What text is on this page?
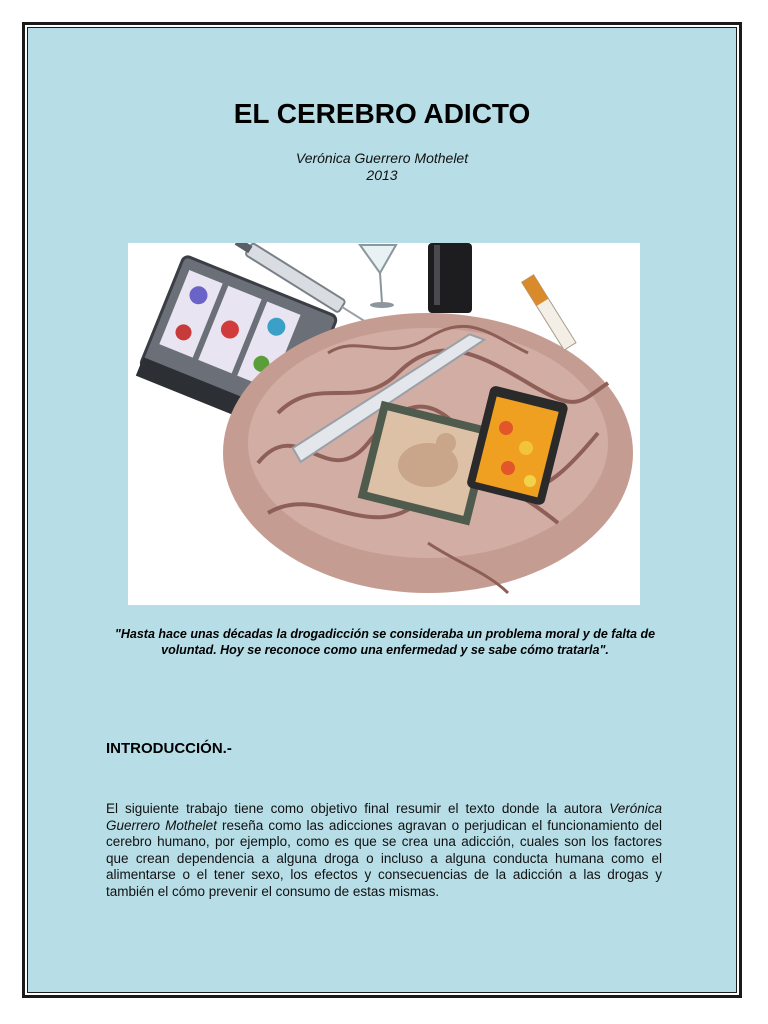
EL CEREBRO ADICTO
Verónica Guerrero Mothelet
2013
"Hasta hace unas décadas la drogadicción se consideraba un problema moral y de falta de voluntad. Hoy se reconoce como una enfermedad y se sabe cómo tratarla".
INTRODUCCIÓN.-

El siguiente trabajo tiene como objetivo final resumir el texto donde la autora Verónica Guerrero Mothelet reseña como las adicciones agravan o perjudican el funcionamiento del cerebro humano, por ejemplo, como es que se crea una adicción, cuales son los factores que crean dependencia a alguna droga o incluso a alguna conducta humana como el alimentarse o el tener sexo, los efectos y consecuencias de la adicción a las drogas y también el cómo prevenir el consumo de estas mismas.
